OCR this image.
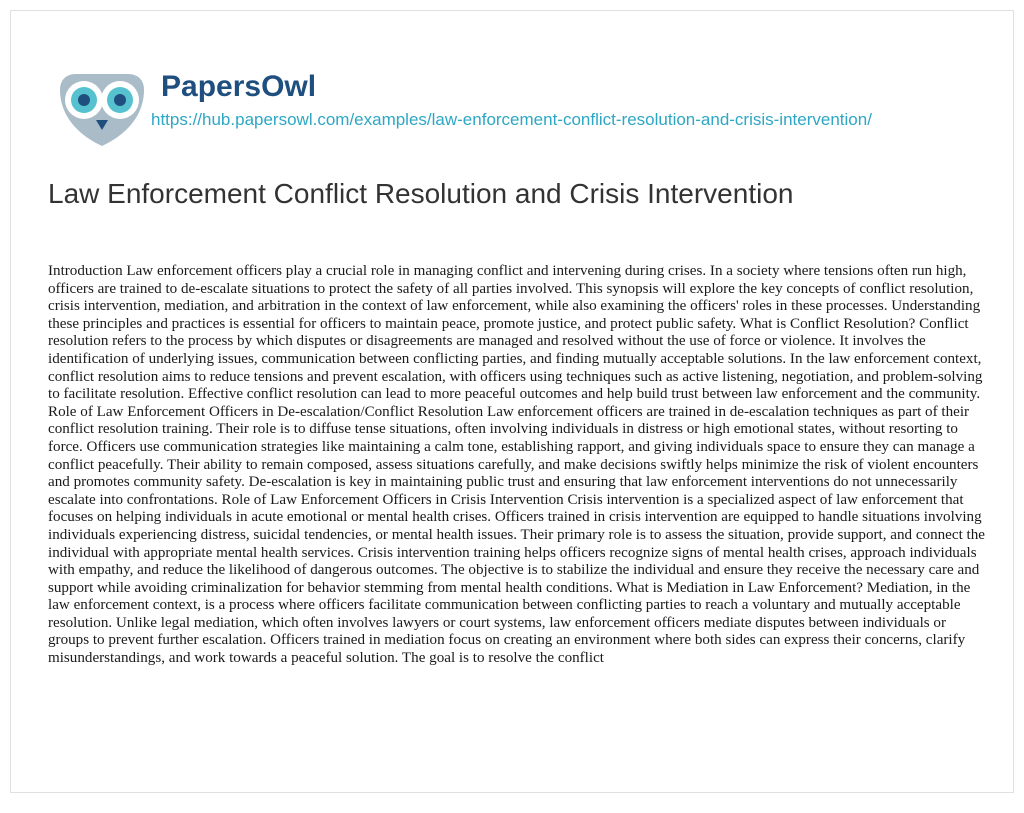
PapersOwl
https://hub.papersowl.com/examples/law-enforcement-conflict-resolution-and-crisis-intervention/
Law Enforcement Conflict Resolution and Crisis Intervention

Introduction Law enforcement officers play a crucial role in managing conflict and intervening during crises. In a society where tensions often run high, officers are trained to de-escalate situations to protect the safety of all parties involved. This synopsis will explore the key concepts of conflict resolution, crisis intervention, mediation, and arbitration in the context of law enforcement, while also examining the officers' roles in these processes. Understanding these principles and practices is essential for officers to maintain peace, promote justice, and protect public safety. What is Conflict Resolution? Conflict resolution refers to the process by which disputes or disagreements are managed and resolved without the use of force or violence. It involves the identification of underlying issues, communication between conflicting parties, and finding mutually acceptable solutions. In the law enforcement context, conflict resolution aims to reduce tensions and prevent escalation, with officers using techniques such as active listening, negotiation, and problem-solving to facilitate resolution. Effective conflict resolution can lead to more peaceful outcomes and help build trust between law enforcement and the community. Role of Law Enforcement Officers in De-escalation/Conflict Resolution Law enforcement officers are trained in de-escalation techniques as part of their conflict resolution training. Their role is to diffuse tense situations, often involving individuals in distress or high emotional states, without resorting to force. Officers use communication strategies like maintaining a calm tone, establishing rapport, and giving individuals space to ensure they can manage a conflict peacefully. Their ability to remain composed, assess situations carefully, and make decisions swiftly helps minimize the risk of violent encounters and promotes community safety. De-escalation is key in maintaining public trust and ensuring that law enforcement interventions do not unnecessarily escalate into confrontations. Role of Law Enforcement Officers in Crisis Intervention Crisis intervention is a specialized aspect of law enforcement that focuses on helping individuals in acute emotional or mental health crises. Officers trained in crisis intervention are equipped to handle situations involving individuals experiencing distress, suicidal tendencies, or mental health issues. Their primary role is to assess the situation, provide support, and connect the individual with appropriate mental health services. Crisis intervention training helps officers recognize signs of mental health crises, approach individuals with empathy, and reduce the likelihood of dangerous outcomes. The objective is to stabilize the individual and ensure they receive the necessary care and support while avoiding criminalization for behavior stemming from mental health conditions. What is Mediation in Law Enforcement? Mediation, in the law enforcement context, is a process where officers facilitate communication between conflicting parties to reach a voluntary and mutually acceptable resolution. Unlike legal mediation, which often involves lawyers or court systems, law enforcement officers mediate disputes between individuals or groups to prevent further escalation. Officers trained in mediation focus on creating an environment where both sides can express their concerns, clarify misunderstandings, and work towards a peaceful solution. The goal is to resolve the conflict
